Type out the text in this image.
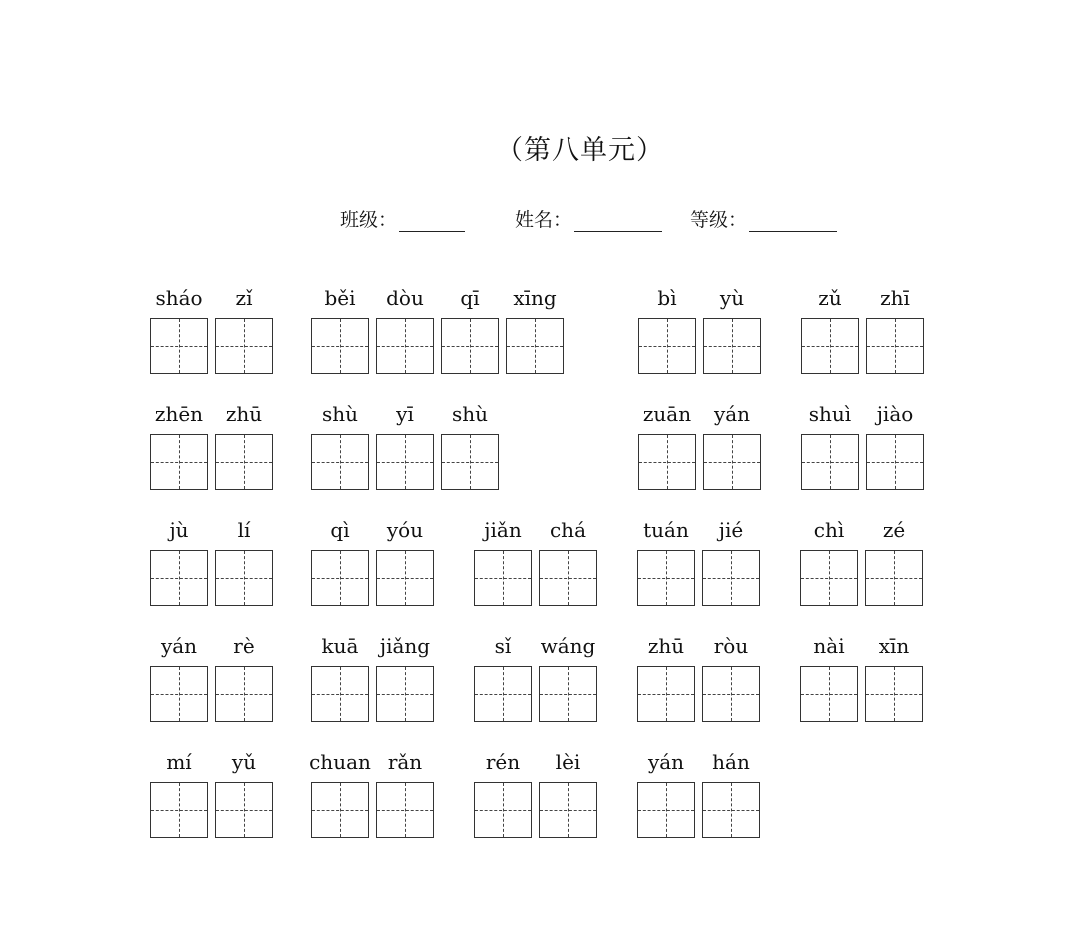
（第八单元）
班级：	姓名：	等级：
sháo	zǐ	běi	dòu	qī	xīng	bì	yù	zǔ	zhī
zhēn	zhū	shù	yī	shù	zuān	yán	shuì	jiào
jù	lí	qì	yóu	jiǎn	chá	tuán	jié	chì	zé
yán	rè	kuā	jiǎng	sǐ	wáng	zhū	ròu	nài	xīn
mí	yǔ	chuan rǎn	rén	lèi	yán	hán
